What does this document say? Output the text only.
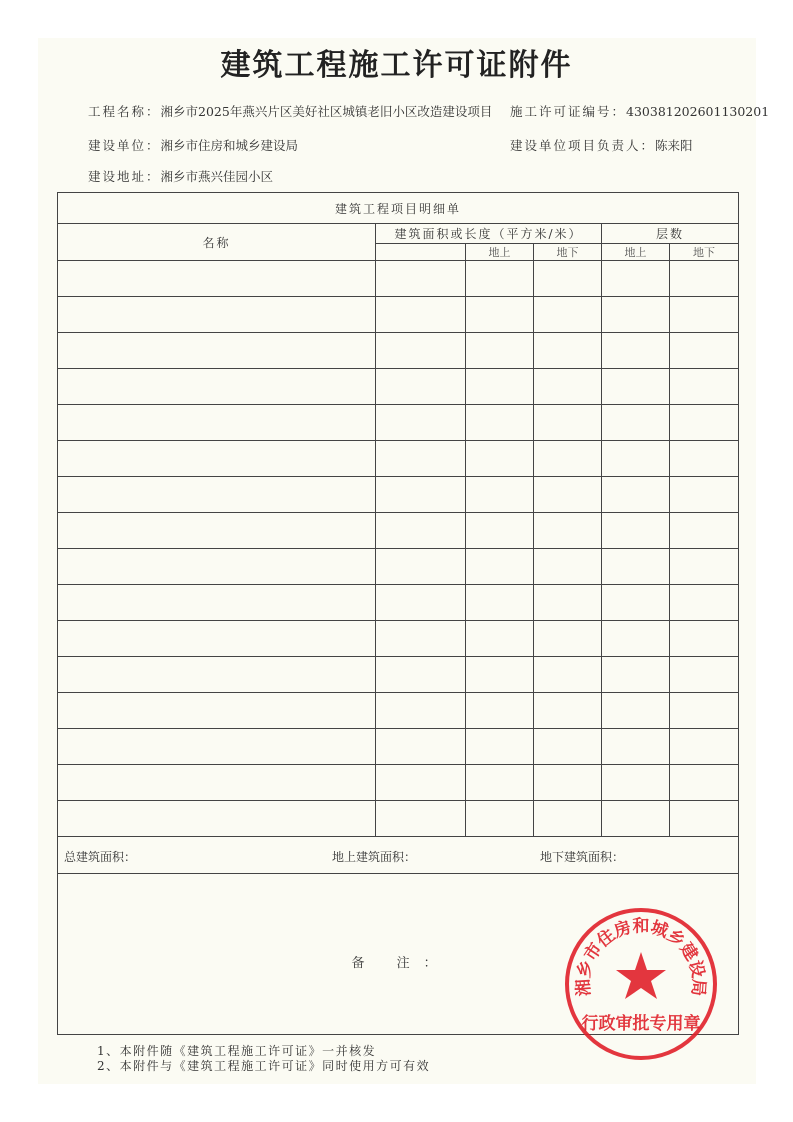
建筑工程施工许可证附件
工程名称：湘乡市2025年燕兴片区美好社区城镇老旧小区改造建设项目 施工许可证编号：430381202601130201
建设单位：湘乡市住房和城乡建设局	建设单位项目负责人：陈来阳
建设地址：湘乡市燕兴佳园小区
建筑工程项目明细单					
名称	建筑面积或长度（平方米/米）			层数	
		地上	地下	地上	地下

总建筑面积： 地上建筑面积： 地下建筑面积：					

备 注：					
1、本附件随《建筑工程施工许可证》一并核发
2、本附件与《建筑工程施工许可证》同时使用方可有效
湘乡市住房和城乡建设局
行政审批专用章
